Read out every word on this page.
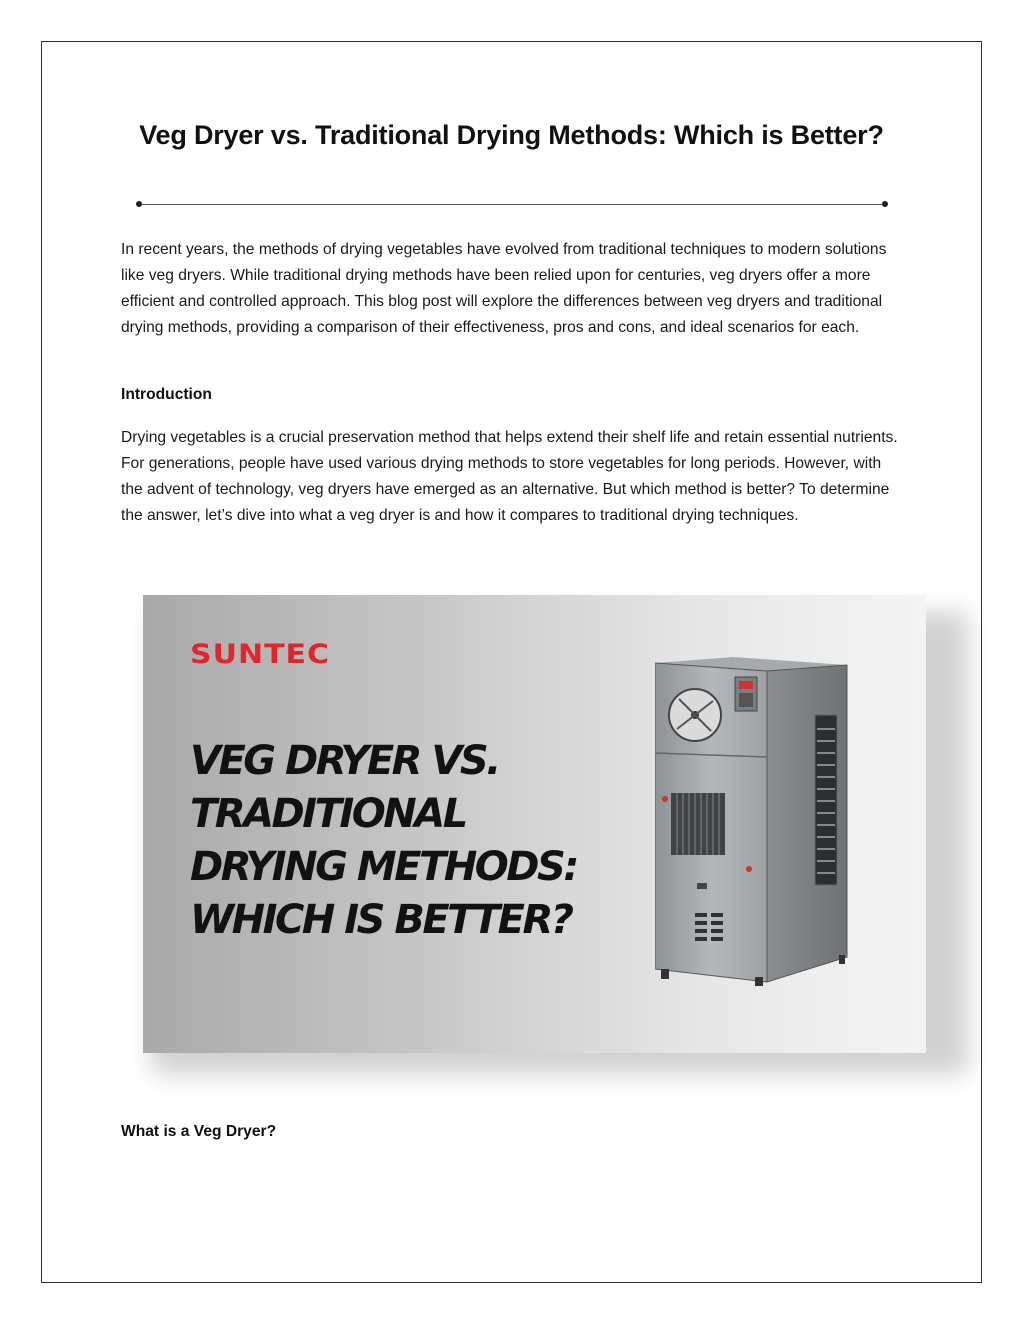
Veg Dryer vs. Traditional Drying Methods: Which is Better?

In recent years, the methods of drying vegetables have evolved from traditional techniques to modern solutions like veg dryers. While traditional drying methods have been relied upon for centuries, veg dryers offer a more efficient and controlled approach. This blog post will explore the differences between veg dryers and traditional drying methods, providing a comparison of their effectiveness, pros and cons, and ideal scenarios for each.

Introduction

Drying vegetables is a crucial preservation method that helps extend their shelf life and retain essential nutrients. For generations, people have used various drying methods to store vegetables for long periods. However, with the advent of technology, veg dryers have emerged as an alternative. But which method is better? To determine the answer, let’s dive into what a veg dryer is and how it compares to traditional drying techniques.

SUNTEC
VEG DRYER VS.
TRADITIONAL
DRYING METHODS:
WHICH IS BETTER?
What is a Veg Dryer?
